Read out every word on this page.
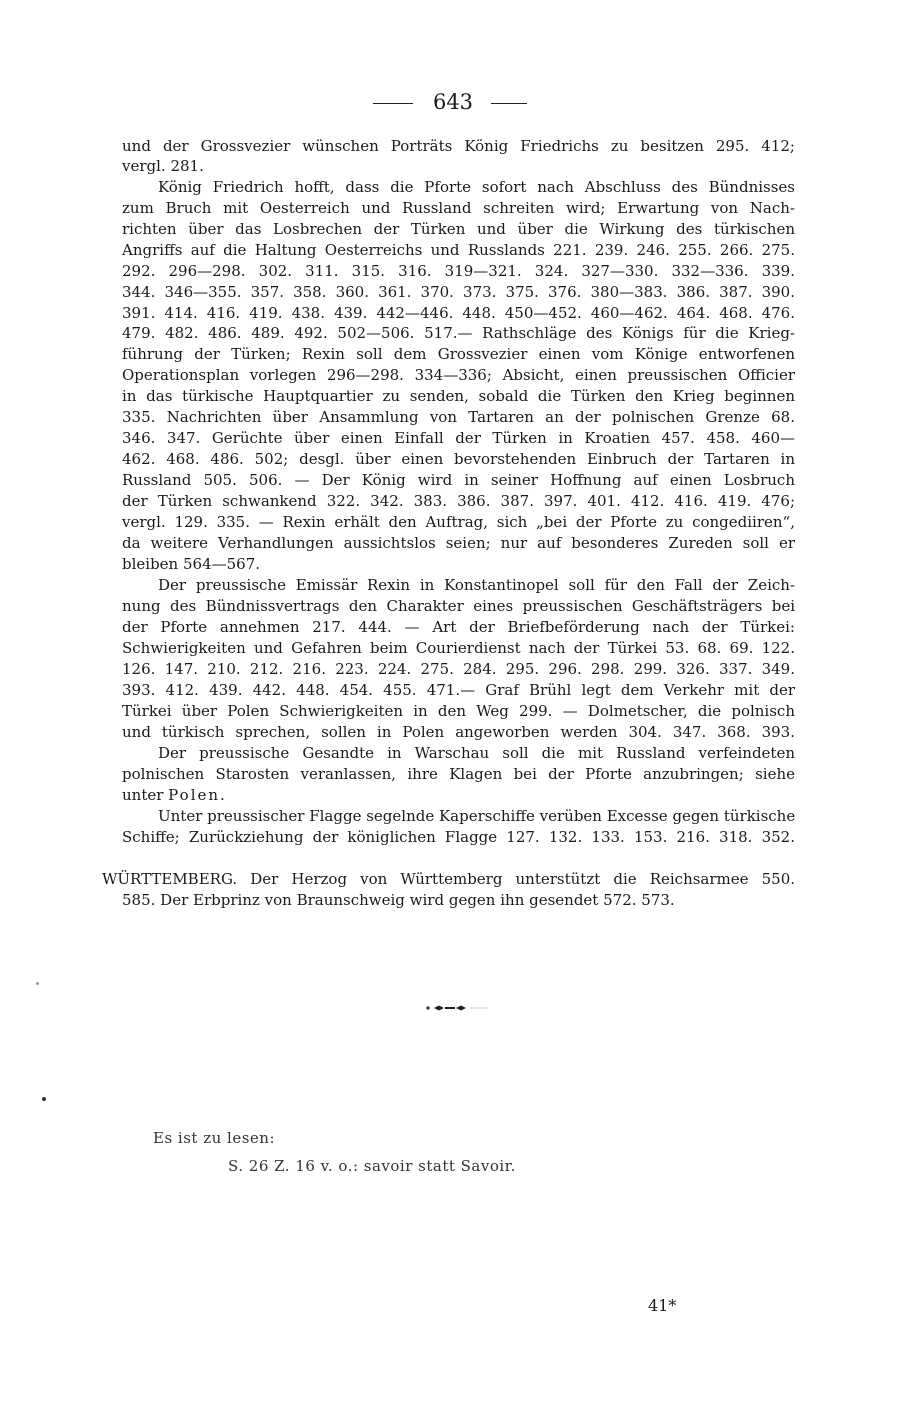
643
und der Grossvezier wünschen Porträts König Friedrichs zu besitzen 295. 412;
vergl. 281.
König Friedrich hofft, dass die Pforte sofort nach Abschluss des Bündnisses
zum Bruch mit Oesterreich und Russland schreiten wird; Erwartung von Nach-
richten über das Losbrechen der Türken und über die Wirkung des türkischen
Angriffs auf die Haltung Oesterreichs und Russlands 221. 239. 246. 255. 266. 275.
292. 296—298. 302. 311. 315. 316. 319—321. 324. 327—330. 332—336. 339.
344. 346—355. 357. 358. 360. 361. 370. 373. 375. 376. 380—383. 386. 387. 390.
391. 414. 416. 419. 438. 439. 442—446. 448. 450—452. 460—462. 464. 468. 476.
479. 482. 486. 489. 492. 502—506. 517.— Rathschläge des Königs für die Krieg-
führung der Türken; Rexin soll dem Grossvezier einen vom Könige entworfenen
Operationsplan vorlegen 296—298. 334—336; Absicht, einen preussischen Officier
in das türkische Hauptquartier zu senden, sobald die Türken den Krieg beginnen
335. Nachrichten über Ansammlung von Tartaren an der polnischen Grenze 68.
346. 347. Gerüchte über einen Einfall der Türken in Kroatien 457. 458. 460—
462. 468. 486. 502; desgl. über einen bevorstehenden Einbruch der Tartaren in
Russland 505. 506. — Der König wird in seiner Hoffnung auf einen Losbruch
der Türken schwankend 322. 342. 383. 386. 387. 397. 401. 412. 416. 419. 476;
vergl. 129. 335. — Rexin erhält den Auftrag, sich „bei der Pforte zu congediiren“,
da weitere Verhandlungen aussichtslos seien; nur auf besonderes Zureden soll er
bleiben 564—567.
Der preussische Emissär Rexin in Konstantinopel soll für den Fall der Zeich-
nung des Bündnissvertrags den Charakter eines preussischen Geschäftsträgers bei
der Pforte annehmen 217. 444. — Art der Briefbeförderung nach der Türkei:
Schwierigkeiten und Gefahren beim Courierdienst nach der Türkei 53. 68. 69. 122.
126. 147. 210. 212. 216. 223. 224. 275. 284. 295. 296. 298. 299. 326. 337. 349.
393. 412. 439. 442. 448. 454. 455. 471.— Graf Brühl legt dem Verkehr mit der
Türkei über Polen Schwierigkeiten in den Weg 299. — Dolmetscher, die polnisch
und türkisch sprechen, sollen in Polen angeworben werden 304. 347. 368. 393.
Der preussische Gesandte in Warschau soll die mit Russland verfeindeten
polnischen Starosten veranlassen, ihre Klagen bei der Pforte anzubringen; siehe
unter Polen.
Unter preussischer Flagge segelnde Kaperschiffe verüben Excesse gegen türkische
Schiffe; Zurückziehung der königlichen Flagge 127. 132. 133. 153. 216. 318. 352.
WÜRTTEMBERG. Der Herzog von Württemberg unterstützt die Reichsarmee 550.
585. Der Erbprinz von Braunschweig wird gegen ihn gesendet 572. 573.
Es ist zu lesen:
S. 26 Z. 16 v. o.: savoir statt Savoir.
41*
